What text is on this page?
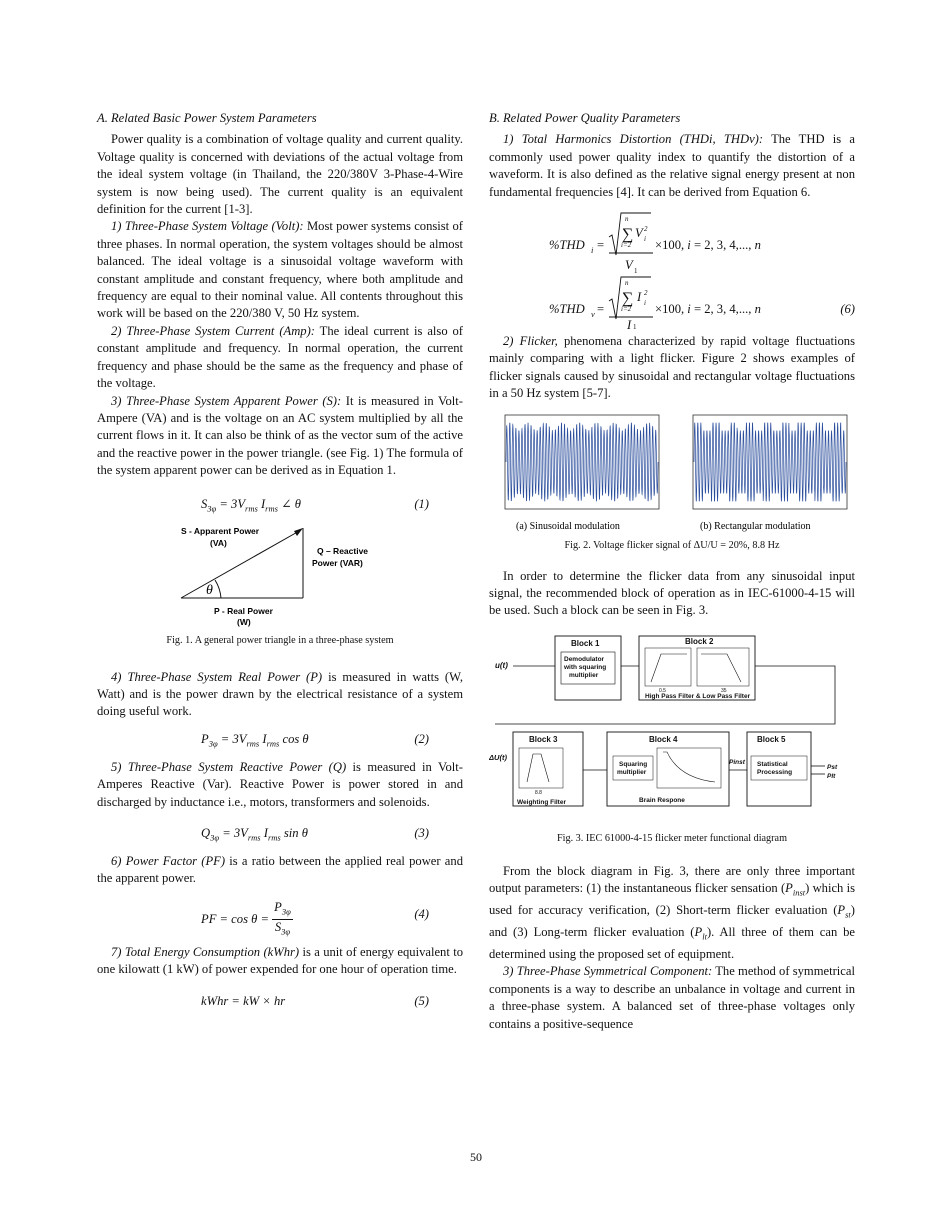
A. Related Basic Power System Parameters

Power quality is a combination of voltage quality and current quality. Voltage quality is concerned with deviations of the actual voltage from the ideal system voltage (in Thailand, the 220/380V 3-Phase-4-Wire system is now being used). The current quality is an equivalent definition for the current [1-3].

1) Three-Phase System Voltage (Volt): Most power systems consist of three phases. In normal operation, the system voltages should be almost balanced. The ideal voltage is a sinusoidal voltage waveform with constant amplitude and constant frequency, where both amplitude and frequency are equal to their nominal value. All contents throughout this work will be based on the 220/380 V, 50 Hz system.

2) Three-Phase System Current (Amp): The ideal current is also of constant amplitude and frequency. In normal operation, the current frequency and phase should be the same as the frequency and phase of the voltage.

3) Three-Phase System Apparent Power (S): It is measured in Volt-Ampere (VA) and is the voltage on an AC system multiplied by all the current flows in it. It can also be think of as the vector sum of the active and the reactive power in the power triangle. (see Fig. 1) The formula of the system apparent power can be derived as in Equation 1.

$S_{3\varphi} = 3V_{rms}$ $I_{rms}$ ∠ θ	(1)
θ
S - Apparent Power
(VA)
Q – Reactive
Power (VAR)
P - Real Power
(W)
Fig. 1. A general power triangle in a three-phase system

4) Three-Phase System Real Power (P) is measured in watts (W, Watt) and is the power drawn by the electrical resistance of a system doing useful work.

$P_{3\varphi} = 3V_{rms}$ $I_{rms}$ cos θ	(2)

5) Three-Phase System Reactive Power (Q) is measured in Volt-Amperes Reactive (Var). Reactive Power is power stored in and discharged by inductance i.e., motors, transformers and solenoids.

$Q_{3\varphi} = 3V_{rms}$ $I_{rms}$ sin θ	(3)

6) Power Factor (PF) is a ratio between the applied real power and the apparent power.

PF = $\cos \theta = \frac{P_{3\varphi}}{S_{3\varphi}}$	(4)

7) Total Energy Consumption (kWhr) is a unit of energy equivalent to one kilowatt (1 kW) of power expended for one hour of operation time.

kWhr = kW × hr	(5)
B. Related Power Quality Parameters

1) Total Harmonics Distortion (THDi, THDv): The THD is a commonly used power quality index to quantify the distortion of a waveform. It is also defined as the relative signal energy present at non fundamental frequencies [4]. It can be derived from Equation 6.

%THD i =
∑
n
i=2
V 2
i
V 1
×100, i = 2, 3, 4,..., n
%THD v =
∑
n
i=2
I 2
i
I 1
×100, i = 2, 3, 4,..., n	(6)

2) Flicker, phenomena characterized by rapid voltage fluctuations mainly comparing with a light flicker. Figure 2 shows examples of flicker signals caused by sinusoidal and rectangular voltage fluctuations in a 50 Hz system [5-7].

(a) Sinusoidal modulation	(b) Rectangular modulation
Fig. 2. Voltage flicker signal of ΔU/U = 20%, 8.8 Hz

In order to determine the flicker data from any sinusoidal input signal, the recommended block of operation as in IEC-61000-4-15 will be used. Such a block can be seen in Fig. 3.

u(t)
Block 1
Demodulator
with squaring
multiplier
Block 2
0.5	35
High Pass Filter & Low Pass Filter
Block 3
8.8
Weighting Filter
ΔU(t)
Block 4
Squaring
multiplier
Brain Respone
Pinst
Block 5
Statistical
Processing
Pst
Plt
Fig. 3. IEC 61000-4-15 flicker meter functional diagram

From the block diagram in Fig. 3, there are only three important output parameters: (1) the instantaneous flicker sensation $(P_{inst})$ which is used for accuracy verification, (2) Short-term flicker evaluation $(P_{st})$ and (3) Long-term flicker evaluation $(P_{lt})$. All three of them can be determined using the proposed set of equipment.

3) Three-Phase Symmetrical Component: The method of symmetrical components is a way to describe an unbalance in voltage and current in a three-phase system. A balanced set of three-phase voltages only contains a positive-sequence

50
